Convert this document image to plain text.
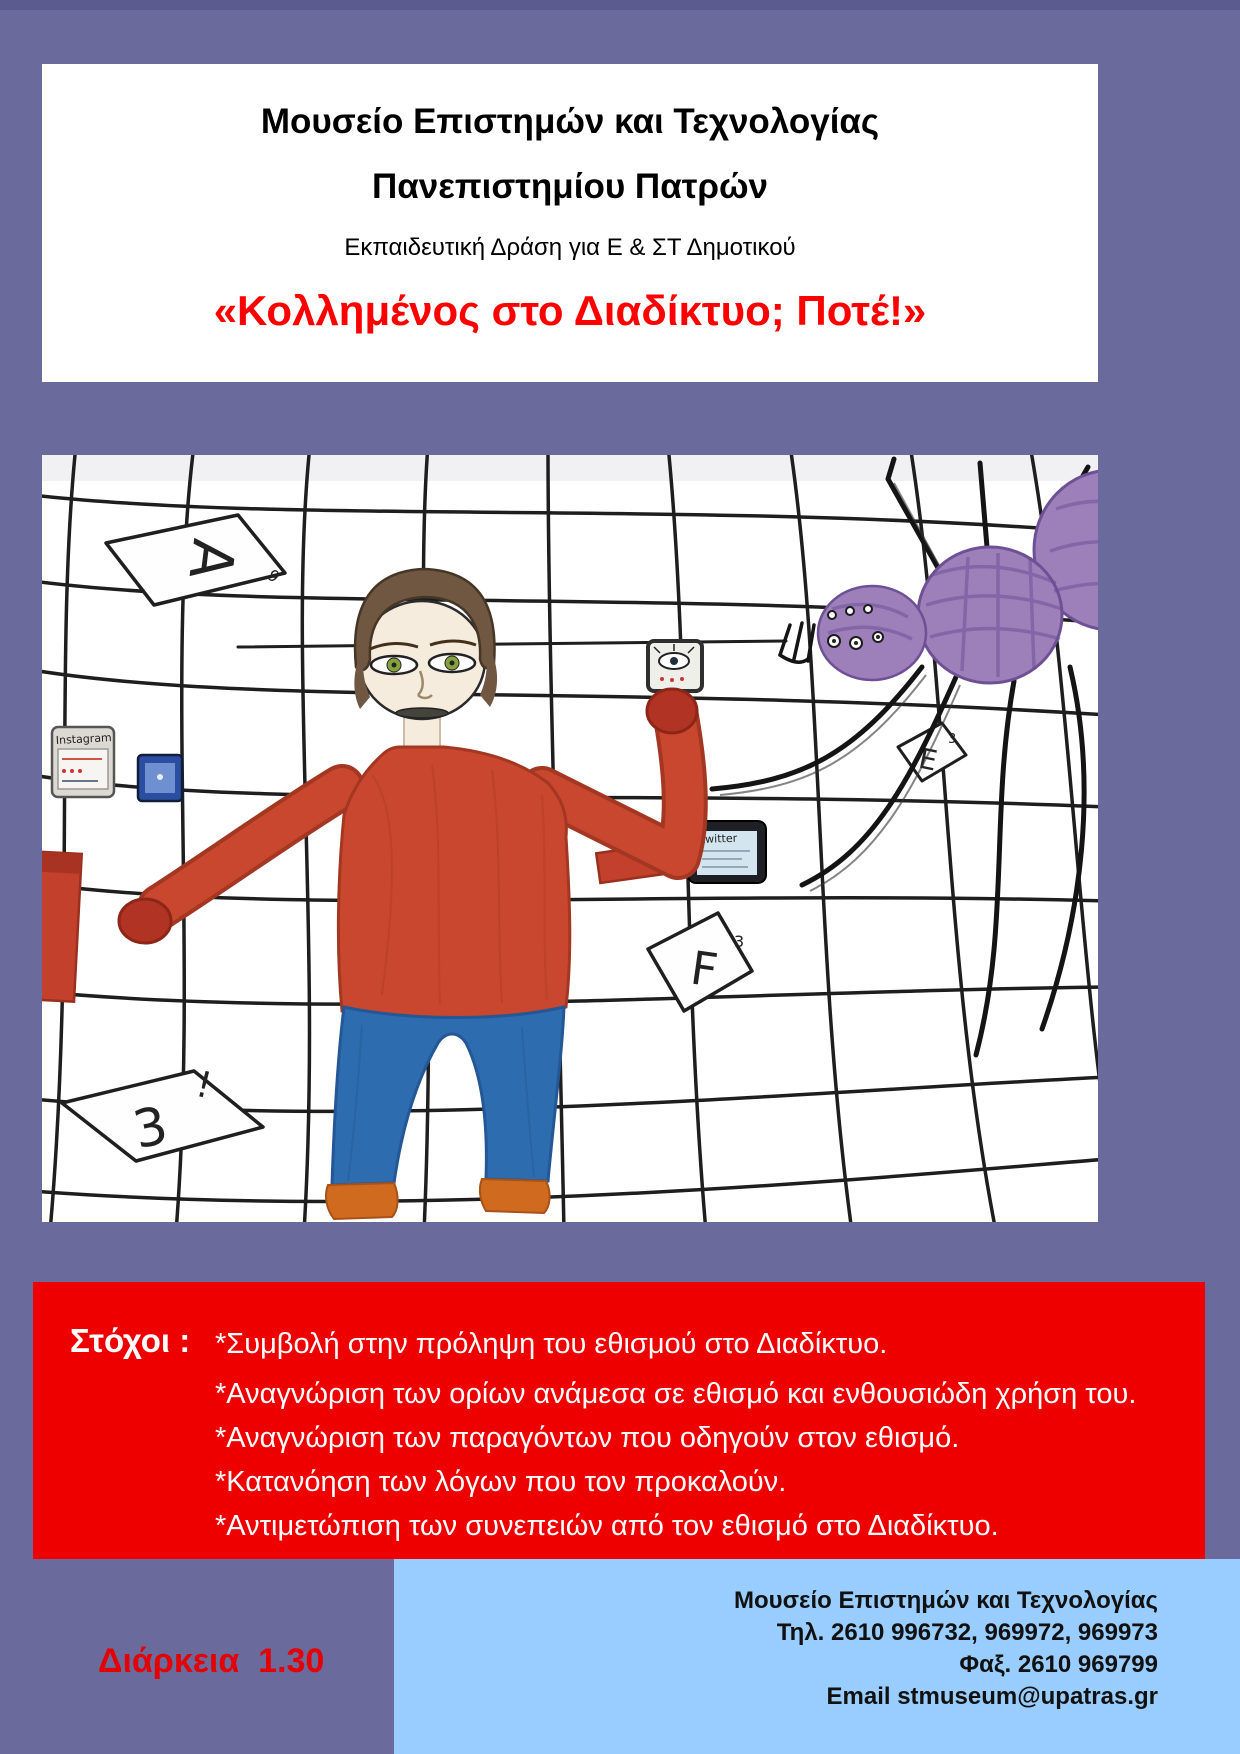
Μουσείο Επιστημών και Τεχνολογίας
Πανεπιστημίου Πατρών
Εκπαιδευτική Δράση για Ε & ΣΤ Δημοτικού
«Κολλημένος στο Διαδίκτυο; Ποτέ!»
A 9
3
!
F 3
E
3
Instagram
twitter
Στόχοι : *Συμβολή στην πρόληψη του εθισμού στο Διαδίκτυο.
*Αναγνώριση των ορίων ανάμεσα σε εθισμό και ενθουσιώδη χρήση του.
*Αναγνώριση των παραγόντων που οδηγούν στον εθισμό.
*Κατανόηση των λόγων που τον προκαλούν.
*Αντιμετώπιση των συνεπειών από τον εθισμό στο Διαδίκτυο.
Διάρκεια  1.30
Μουσείο Επιστημών και Τεχνολογίας
Τηλ. 2610 996732, 969972, 969973
Φαξ. 2610 969799
Email stmuseum@upatras.gr
